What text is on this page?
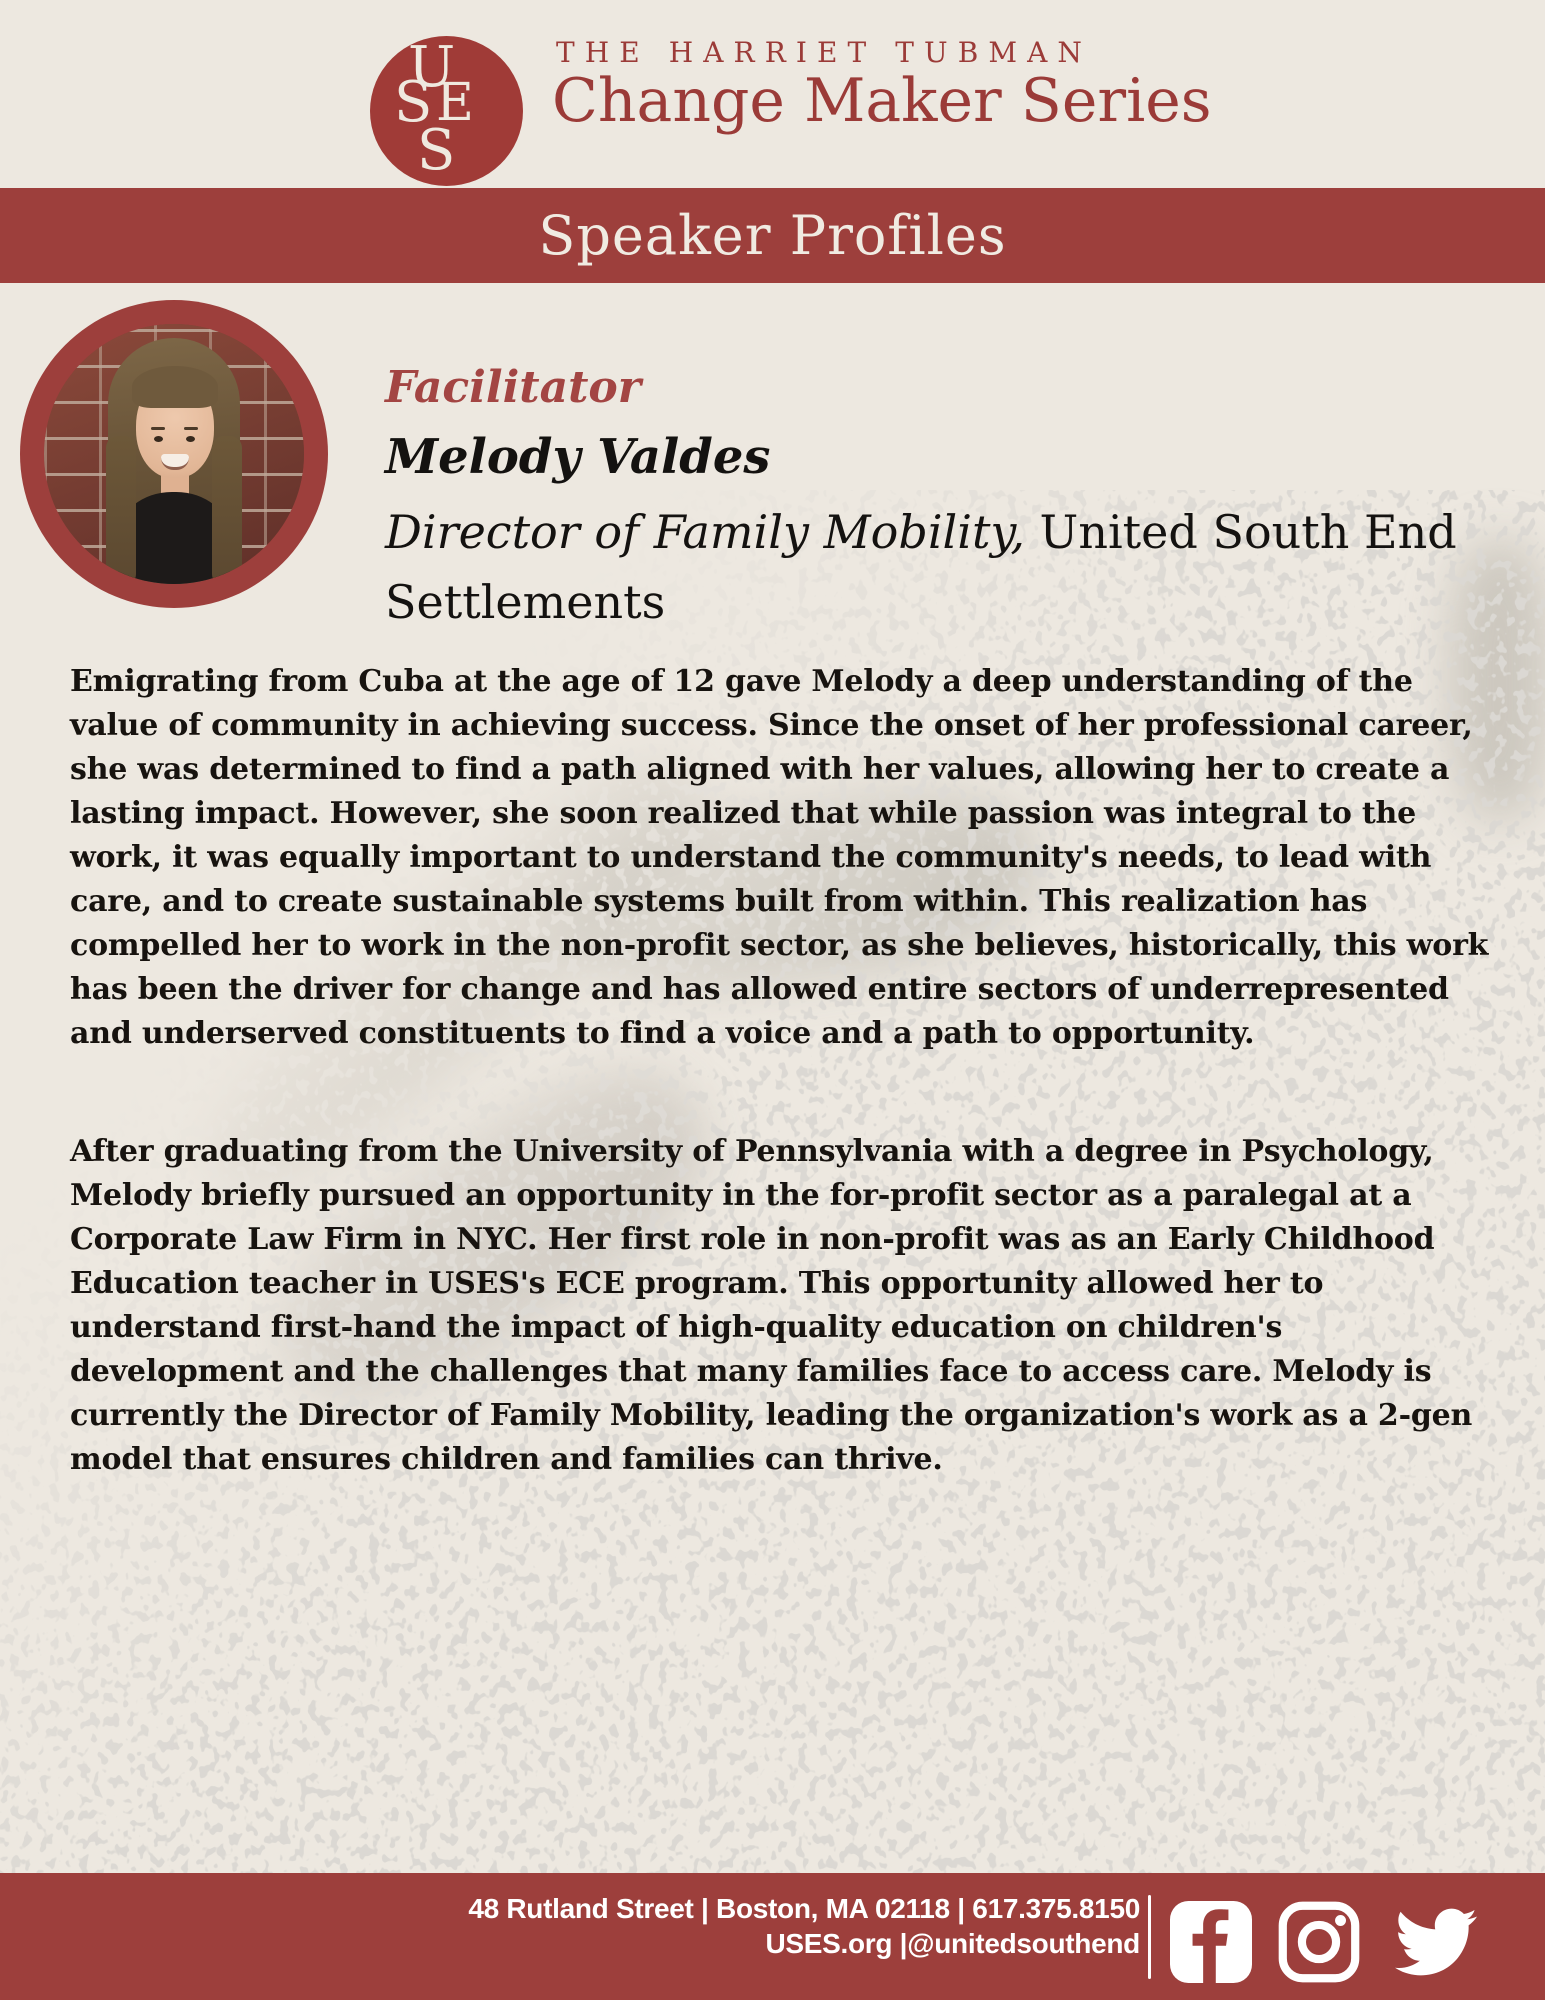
U
S E
S
THE HARRIET TUBMAN
Change Maker Series
Speaker Profiles
Facilitator
Melody Valdes
Director of Family Mobility, United South End Settlements

Emigrating from Cuba at the age of 12 gave Melody a deep understanding of the value of community in achieving success. Since the onset of her professional career, she was determined to find a path aligned with her values, allowing her to create a lasting impact. However, she soon realized that while passion was integral to the work, it was equally important to understand the community's needs, to lead with care, and to create sustainable systems built from within. This realization has compelled her to work in the non-profit sector, as she believes, historically, this work has been the driver for change and has allowed entire sectors of underrepresented and underserved constituents to find a voice and a path to opportunity.

After graduating from the University of Pennsylvania with a degree in Psychology, Melody briefly pursued an opportunity in the for-profit sector as a paralegal at a Corporate Law Firm in NYC. Her first role in non-profit was as an Early Childhood Education teacher in USES's ECE program. This opportunity allowed her to understand first-hand the impact of high-quality education on children's development and the challenges that many families face to access care. Melody is currently the Director of Family Mobility, leading the organization's work as a 2-gen model that ensures children and families can thrive.

48 Rutland Street | Boston, MA 02118 | 617.375.8150
USES.org |@unitedsouthend
